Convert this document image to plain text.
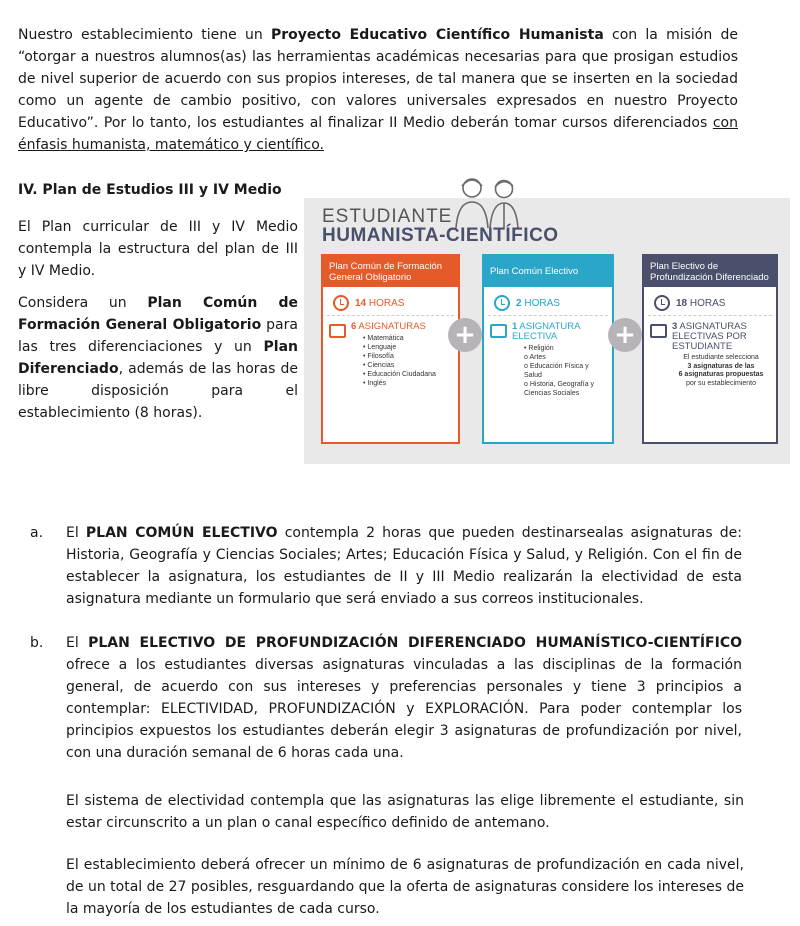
Nuestro establecimiento tiene un Proyecto Educativo Científico Humanista con la misión de “otorgar a nuestros alumnos(as) las herramientas académicas necesarias para que prosigan estudios de nivel superior de acuerdo con sus propios intereses, de tal manera que se inserten en la sociedad como un agente de cambio positivo, con valores universales expresados en nuestro Proyecto Educativo”. Por lo tanto, los estudiantes al finalizar II Medio deberán tomar cursos diferenciados con énfasis humanista, matemático y científico.

IV. Plan de Estudios III y IV Medio

El Plan curricular de III y IV Medio contempla la estructura del plan de III y IV Medio.

Considera un Plan Común de Formación General Obligatorio para las tres diferenciaciones y un Plan Diferenciado, además de las horas de libre disposición para el establecimiento (8 horas).

ESTUDIANTE
HUMANISTA-CIENTÍFICO
Plan Común de Formación General Obligatorio
14 HORAS
6 ASIGNATURAS
• Matemática
• Lenguaje
• Filosofía
• Ciencias
• Educación Ciudadana
• Inglés
+
Plan Común Electivo
2 HORAS
1 ASIGNATURA ELECTIVA
• Religión
o Artes
o Educación Física y Salud
o Historia, Geografía y Ciencias Sociales
+
Plan Electivo de Profundización Diferenciado
18 HORAS
3 ASIGNATURAS ELECTIVAS POR ESTUDIANTE
El estudiante selecciona
3 asignaturas de las
6 asignaturas propuestas
por su establecimiento
a. El PLAN COMÚN ELECTIVO contempla 2 horas que pueden destinarsealas asignaturas de: Historia, Geografía y Ciencias Sociales; Artes; Educación Física y Salud, y Religión. Con el fin de establecer la asignatura, los estudiantes de II y III Medio realizarán la electividad de esta asignatura mediante un formulario que será enviado a sus correos institucionales.

b. El PLAN ELECTIVO DE PROFUNDIZACIÓN DIFERENCIADO HUMANÍSTICO-CIENTÍFICO ofrece a los estudiantes diversas asignaturas vinculadas a las disciplinas de la formación general, de acuerdo con sus intereses y preferencias personales y tiene 3 principios a contemplar: ELECTIVIDAD, PROFUNDIZACIÓN y EXPLORACIÓN. Para poder contemplar los principios expuestos los estudiantes deberán elegir 3 asignaturas de profundización por nivel, con una duración semanal de 6 horas cada una.

El sistema de electividad contempla que las asignaturas las elige libremente el estudiante, sin estar circunscrito a un plan o canal específico definido de antemano.

El establecimiento deberá ofrecer un mínimo de 6 asignaturas de profundización en cada nivel, de un total de 27 posibles, resguardando que la oferta de asignaturas considere los intereses de la mayoría de los estudiantes de cada curso.
